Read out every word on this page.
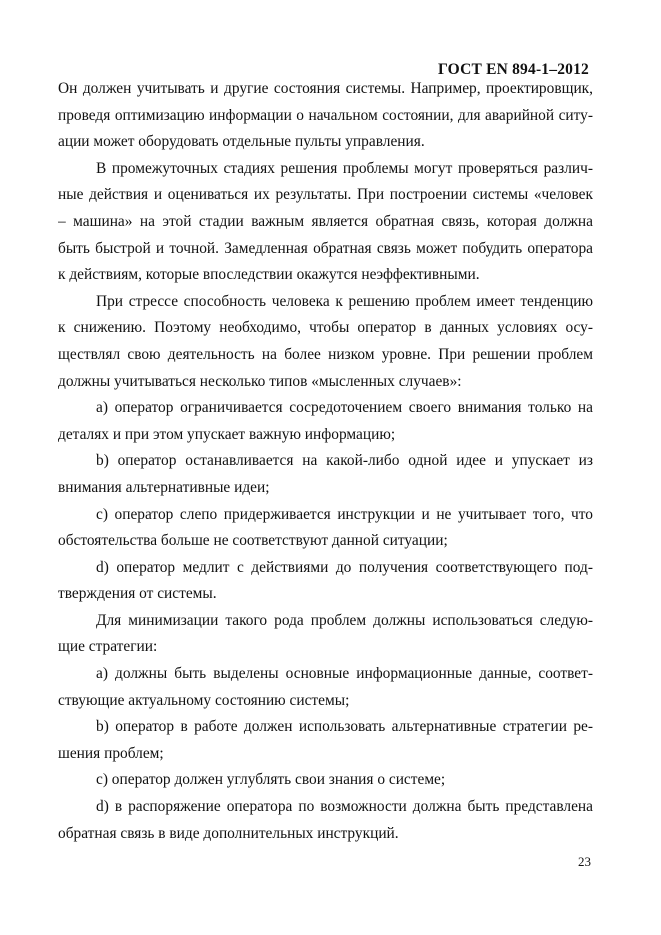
ГОСТ EN 894-1–2012
Он должен учитывать и другие состояния системы. Например, проектировщик,
проведя оптимизацию информации о начальном состоянии, для аварийной ситу-
ации может оборудовать отдельные пульты управления.
В промежуточных стадиях решения проблемы могут проверяться различ-
ные действия и оцениваться их результаты. При построении системы «человек
– машина» на этой стадии важным является обратная связь, которая должна
быть быстрой и точной. Замедленная обратная связь может побудить оператора
к действиям, которые впоследствии окажутся неэффективными.
При стрессе способность человека к решению проблем имеет тенденцию
к снижению. Поэтому необходимо, чтобы оператор в данных условиях осу-
ществлял свою деятельность на более низком уровне. При решении проблем
должны учитываться несколько типов «мысленных случаев»:
a) оператор ограничивается сосредоточением своего внимания только на
деталях и при этом упускает важную информацию;
b) оператор останавливается на какой-либо одной идее и упускает из
внимания альтернативные идеи;
c) оператор слепо придерживается инструкции и не учитывает того, что
обстоятельства больше не соответствуют данной ситуации;
d) оператор медлит с действиями до получения соответствующего под-
тверждения от системы.
Для минимизации такого рода проблем должны использоваться следую-
щие стратегии:
a) должны быть выделены основные информационные данные, соответ-
ствующие актуальному состоянию системы;
b) оператор в работе должен использовать альтернативные стратегии ре-
шения проблем;
c) оператор должен углублять свои знания о системе;
d) в распоряжение оператора по возможности должна быть представлена
обратная связь в виде дополнительных инструкций.
23
